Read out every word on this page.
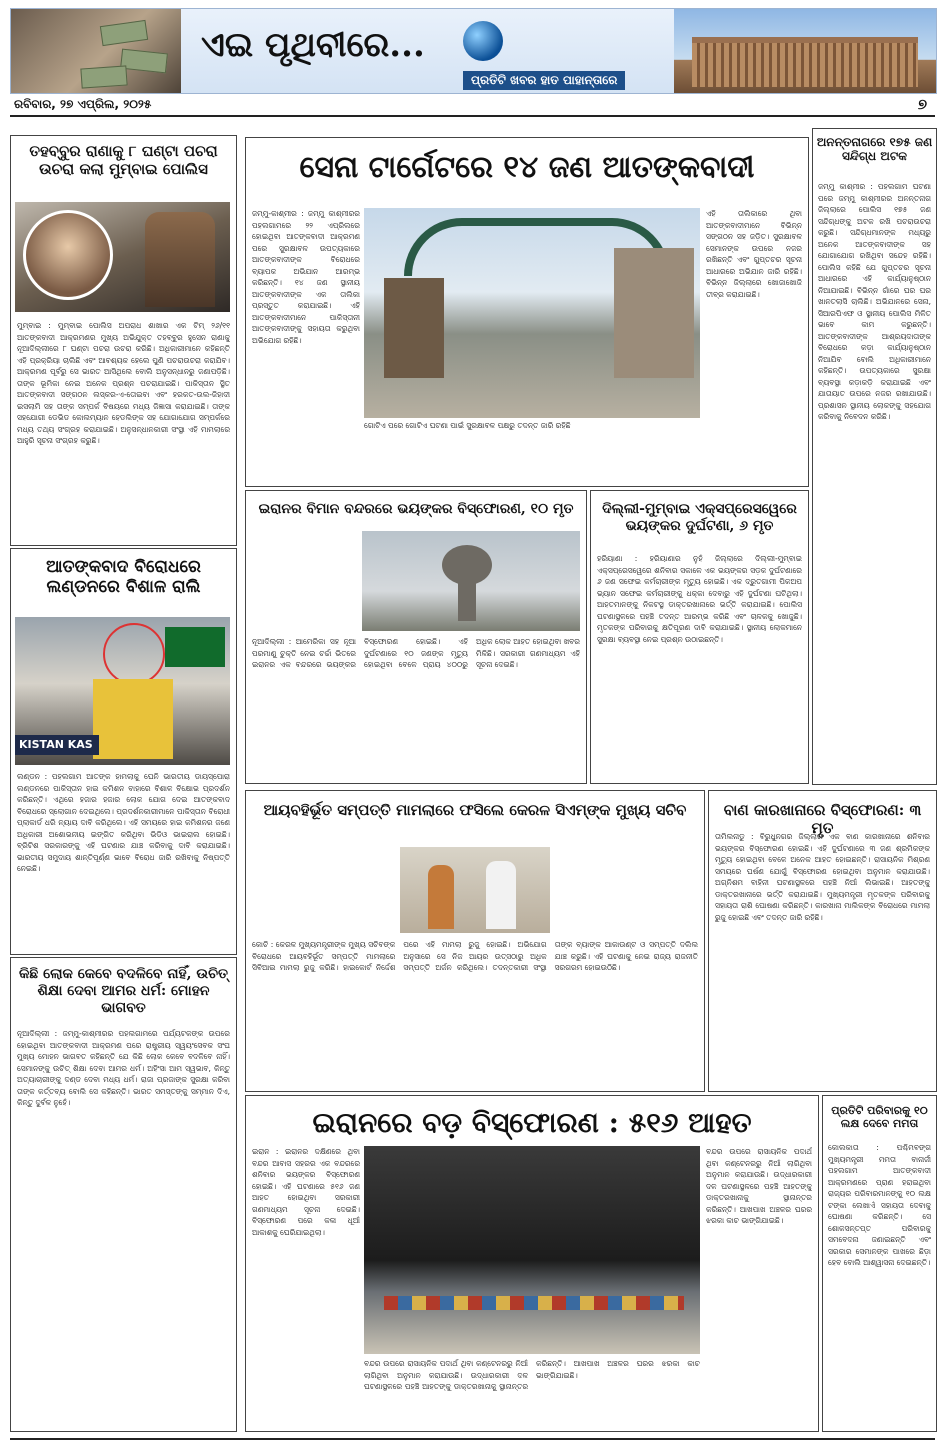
ଏଇ ପୃଥିବୀରେ...
ପ୍ରତିଟି ଖବର ହାତ ପାହାନ୍ତାରେ
ରବିବାର, ୨୭ ଏପ୍ରିଲ, ୨୦୨୫	୭
ତହବ୍ବୁର ରାଣାକୁ ୮ ଘଣ୍ଟା ପଚରା ଉଚରା କଲା ମୁମ୍ବାଇ ପୋଲିସ
ମୁମ୍ବାଇ : ମୁମ୍ବାଇ ପୋଲିସ ଅପରାଧ ଶାଖାର ଏକ ଟିମ୍ ୨୬/୧୧ ଆତଙ୍କବାଦୀ ଆକ୍ରମଣର ମୁଖ୍ୟ ଅଭିଯୁକ୍ତ ତହବ୍ବୁର ହୁସେନ ରାଣାକୁ ନୂଆଦିଲ୍ଲୀରେ ୮ ଘଣ୍ଟା ପଚରା ଉଚରା କରିଛି। ଅଧିକାରୀମାନେ କହିଛନ୍ତି ଏହି ପ୍ରକ୍ରିୟା ଚାଲିଛି ଏବଂ ଆବଶ୍ୟକ ହେଲେ ପୁଣି ପଚରାଉଚରା କରାଯିବ। ଆକ୍ରମଣ ପୂର୍ବରୁ ସେ ଭାରତ ଆସିଥିଲେ ବୋଲି ଅନୁସନ୍ଧାନରୁ ଜଣାପଡ଼ିଛି। ତାଙ୍କ ଭୂମିକା ନେଇ ଅନେକ ପ୍ରଶ୍ନ ପଚରାଯାଇଛି। ପାକିସ୍ତାନ ସ୍ଥିତ ଆତଙ୍କବାଦୀ ସଙ୍ଗଠନ ଲସ୍କର-ଏ-ତୋଇବା ଏବଂ ହରକତ-ଉଲ-ଜିହାଦୀ ଇସଲାମି ସହ ତାଙ୍କ ସମ୍ପର୍କ ବିଷୟରେ ମଧ୍ୟ ଜିଜ୍ଞାସା କରାଯାଇଛି। ତାଙ୍କ ସହଯୋଗୀ ଡେଭିଡ କୋଲମ୍ୟାନ ହେଡଲିଙ୍କ ସହ ଯୋଗାଯୋଗ ସମ୍ପର୍କରେ ମଧ୍ୟ ତଥ୍ୟ ସଂଗ୍ରହ କରାଯାଇଛି। ଅନୁସନ୍ଧାନକାରୀ ସଂସ୍ଥା ଏହି ମାମଲାରେ ଆହୁରି ସୂଚନା ସଂଗ୍ରହ କରୁଛି।
ଆତଙ୍କବାଦ ବିରୋଧରେ ଲଣ୍ଡନରେ ବିଶାଳ ରାଲି
KISTAN KAS
ଲଣ୍ଡନ : ପହଲଗାମ ଆତଙ୍କ ହାମଲାକୁ ଘେନି ଭାରତୀୟ ଡାୟସ୍ପୋରା ଲଣ୍ଡନରେ ପାକିସ୍ତାନ ହାଇ କମିଶନ ବାହାରେ ବିଶାଳ ବିକ୍ଷୋଭ ପ୍ରଦର୍ଶନ କରିଛନ୍ତି। ଏଥିରେ ହଜାର ହଜାର ଲୋକ ଯୋଗ ଦେଇ ଆତଙ୍କବାଦ ବିରୋଧରେ ସ୍ଲୋଗାନ ଦେଇଥିଲେ। ପ୍ରଦର୍ଶନକାରୀମାନେ ପାକିସ୍ତାନ ବିରୋଧୀ ପ୍ଲାକାର୍ଡ ଧରି ନ୍ୟାୟ ଦାବି କରିଥିଲେ। ଏହି ସମୟରେ ହାଇ କମିଶନର ଜଣେ ଅଧିକାରୀ ଅଶୋଭନୀୟ ଇଙ୍ଗିତ କରିଥିବା ଭିଡିଓ ଭାଇରାଲ ହୋଇଛି। ବ୍ରିଟିଶ ସରକାରଙ୍କୁ ଏହି ଘଟଣାର ଯାଞ୍ଚ କରିବାକୁ ଦାବି କରାଯାଇଛି। ଭାରତୀୟ ସମୁଦାୟ ଶାନ୍ତିପୂର୍ଣ୍ଣ ଭାବେ ବିରୋଧ ଜାରି ରଖିବାକୁ ନିଷ୍ପତ୍ତି ନେଇଛି।
କିଛି ଲୋକ କେବେ ବଦଳିବେ ନାହିଁ, ଉଚିତ୍ ଶିକ୍ଷା ଦେବା ଆମର ଧର୍ମ: ମୋହନ ଭାଗବତ
ନୂଆଦିଲ୍ଲୀ : ଜମ୍ମୁ-କାଶ୍ମୀରର ପହଲଗାମରେ ପର୍ଯ୍ୟଟକଙ୍କ ଉପରେ ହୋଇଥିବା ଆତଙ୍କବାଦୀ ଆକ୍ରମଣ ପରେ ରାଷ୍ଟ୍ରୀୟ ସ୍ୱୟଂସେବକ ସଂଘ ମୁଖ୍ୟ ମୋହନ ଭାଗବତ କହିଛନ୍ତି ଯେ କିଛି ଲୋକ କେବେ ବଦଳିବେ ନାହିଁ। ସେମାନଙ୍କୁ ଉଚିତ୍ ଶିକ୍ଷା ଦେବା ଆମର ଧର୍ମ। ଅହିଂସା ଆମ ସ୍ୱଭାବ, କିନ୍ତୁ ଅତ୍ୟାଚାରୀଙ୍କୁ ଦଣ୍ଡ ଦେବା ମଧ୍ୟ ଧର୍ମ। ରାଜା ପ୍ରଜାଙ୍କ ସୁରକ୍ଷା କରିବା ତାଙ୍କ କର୍ତ୍ତବ୍ୟ ବୋଲି ସେ କହିଛନ୍ତି। ଭାରତ ସମସ୍ତଙ୍କୁ ସମ୍ମାନ ଦିଏ, କିନ୍ତୁ ଦୁର୍ବଳ ନୁହେଁ।
ସେନା ଟାର୍ଗେଟରେ ୧୪ ଜଣ ଆତଙ୍କବାଦୀ
ଜମ୍ମୁ-କାଶ୍ମୀର : ଜମ୍ମୁ କାଶ୍ମୀରର ପହଲଗାମରେ ୨୨ ଏପ୍ରିଲରେ ହୋଇଥିବା ଆତଙ୍କବାଦୀ ଆକ୍ରମଣ ପରେ ସୁରକ୍ଷାବଳ ଉପତ୍ୟକାରେ ଆତଙ୍କବାଦୀଙ୍କ ବିରୋଧରେ ବ୍ୟାପକ ଅଭିଯାନ ଆରମ୍ଭ କରିଛନ୍ତି। ୧୪ ଜଣ ସ୍ଥାନୀୟ ଆତଙ୍କବାଦୀଙ୍କ ଏକ ତାଲିକା ପ୍ରସ୍ତୁତ କରାଯାଇଛି। ଏହି ଆତଙ୍କବାଦୀମାନେ ପାକିସ୍ତାନୀ ଆତଙ୍କବାଦୀଙ୍କୁ ସହାୟତା କରୁଥିବା ଅଭିଯୋଗ ରହିଛି।
ଗୋଟିଏ ପରେ ଗୋଟିଏ ଘଟଣା ପାଇଁ ସୁରକ୍ଷାବଳ ପକ୍ଷରୁ ତଦନ୍ତ ଜାରି ରହିଛି
ଏହି ତାଲିକାରେ ଥିବା ଆତଙ୍କବାଦୀମାନେ ବିଭିନ୍ନ ସଙ୍ଗଠନ ସହ ଜଡ଼ିତ। ସୁରକ୍ଷାବଳ ସେମାନଙ୍କ ଉପରେ ନଜର ରଖିଛନ୍ତି ଏବଂ ଗୁପ୍ତଚର ସୂଚନା ଆଧାରରେ ଅଭିଯାନ ଜାରି ରହିଛି। ବିଭିନ୍ନ ଜିଲ୍ଲାରେ ଖୋଜାଖୋଜି ତୀବ୍ର କରାଯାଇଛି।
ଇରାନର ବିମାନ ବନ୍ଦରରେ ଭୟଙ୍କର ବିସ୍ଫୋରଣ, ୧୦ ମୃତ
ନୂଆଦିଲ୍ଲୀ : ଆମେରିକା ସହ ନୂଆ ପରମାଣୁ ଚୁକ୍ତି ନେଇ ଚର୍ଚ୍ଚା ଭିତରେ ଇରାନର ଏକ ବନ୍ଦରରେ ଭୟଙ୍କର ବିସ୍ଫୋରଣ ହୋଇଛି। ଏହି ଦୁର୍ଘଟଣାରେ ୧୦ ଜଣଙ୍କ ମୃତ୍ୟୁ ହୋଇଥିବା ବେଳେ ପ୍ରାୟ ୪୦୦ରୁ ଅଧିକ ଲୋକ ଆହତ ହୋଇଥିବା ଖବର ମିଳିଛି। ସରକାରୀ ଗଣମାଧ୍ୟମ ଏହି ସୂଚନା ଦେଇଛି।
ଦିଲ୍ଲୀ-ମୁମ୍ବାଇ ଏକ୍ସପ୍ରେସୱେରେ ଭୟଙ୍କର ଦୁର୍ଘଟଣା, ୬ ମୃତ
ହରିୟାଣା : ହରିୟାଣାର ନୁହଁ ଜିଲ୍ଲାରେ ଦିଲ୍ଲୀ-ମୁମ୍ବାଇ ଏକ୍ସପ୍ରେସୱେରେ ଶନିବାର ସକାଳେ ଏକ ଭୟଙ୍କର ସଡ଼କ ଦୁର୍ଘଟଣାରେ ୬ ଜଣ ସଫେଇ କର୍ମଚାରୀଙ୍କ ମୃତ୍ୟୁ ହୋଇଛି। ଏକ ଦ୍ରୁତଗାମୀ ପିକଅପ ଭ୍ୟାନ ସଫେଇ କର୍ମଚାରୀଙ୍କୁ ଧକ୍କା ଦେବାରୁ ଏହି ଦୁର୍ଘଟଣା ଘଟିଥିଲା। ଆହତମାନଙ୍କୁ ନିକଟସ୍ଥ ଡାକ୍ତରଖାନାରେ ଭର୍ତ୍ତି କରାଯାଇଛି। ପୋଲିସ ଘଟଣାସ୍ଥଳରେ ପହଞ୍ଚି ତଦନ୍ତ ଆରମ୍ଭ କରିଛି ଏବଂ ଚାଳକକୁ ଖୋଜୁଛି। ମୃତକଙ୍କ ପରିବାରକୁ କ୍ଷତିପୂରଣ ଦାବି କରାଯାଇଛି। ସ୍ଥାନୀୟ ଲୋକମାନେ ସୁରକ୍ଷା ବ୍ୟବସ୍ଥା ନେଇ ପ୍ରଶ୍ନ ଉଠାଇଛନ୍ତି।
ଆୟବହିର୍ଭୂତ ସମ୍ପତ୍ତି ମାମଲାରେ ଫସିଲେ କେରଳ ସିଏମ୍‌ଙ୍କ ମୁଖ୍ୟ ସଚିବ
କୋଚି : କେରଳ ମୁଖ୍ୟମନ୍ତ୍ରୀଙ୍କ ମୁଖ୍ୟ ସଚିବଙ୍କ ବିରୋଧରେ ଆୟବହିର୍ଭୂତ ସମ୍ପତ୍ତି ମାମଲାରେ ସିବିଆଇ ମାମଲା ରୁଜୁ କରିଛି। ହାଇକୋର୍ଟ ନିର୍ଦ୍ଦେଶ ପରେ ଏହି ମାମଲା ରୁଜୁ ହୋଇଛି। ଅଭିଯୋଗ ଅନୁସାରେ ସେ ନିଜ ଆୟର ଉତ୍ସଠାରୁ ଅଧିକ ସମ୍ପତ୍ତି ଅର୍ଜନ କରିଥିଲେ। ତଦନ୍ତକାରୀ ସଂସ୍ଥା ତାଙ୍କ ବ୍ୟାଙ୍କ ଆକାଉଣ୍ଟ ଓ ସମ୍ପତ୍ତି ଦଲିଲ ଯାଞ୍ଚ କରୁଛି। ଏହି ଘଟଣାକୁ ନେଇ ରାଜ୍ୟ ରାଜନୀତି ସରଗରମ ହୋଇଉଠିଛି।
ବାଣ କାରଖାନାରେ ବିସ୍ଫୋରଣ: ୩ ମୃତ
ତାମିଲନାଡୁ : ବିରୁଧୁନଗର ଜିଲ୍ଲାର ଏକ ବାଣ କାରଖାନାରେ ଶନିବାର ଭୟଙ୍କର ବିସ୍ଫୋରଣ ହୋଇଛି। ଏହି ଦୁର୍ଘଟଣାରେ ୩ ଜଣ ଶ୍ରମିକଙ୍କ ମୃତ୍ୟୁ ହୋଇଥିବା ବେଳେ ଅନେକ ଆହତ ହୋଇଛନ୍ତି। ରାସାୟନିକ ମିଶ୍ରଣ ସମୟରେ ଘର୍ଷଣ ଯୋଗୁଁ ବିସ୍ଫୋରଣ ହୋଇଥିବା ଅନୁମାନ କରାଯାଉଛି। ଅଗ୍ନିଶମ ବାହିନୀ ଘଟଣାସ୍ଥଳରେ ପହଞ୍ଚି ନିଆଁ ଲିଭାଇଛି। ଆହତଙ୍କୁ ଡାକ୍ତରଖାନାରେ ଭର୍ତ୍ତି କରାଯାଇଛି। ମୁଖ୍ୟମନ୍ତ୍ରୀ ମୃତକଙ୍କ ପରିବାରକୁ ସହାୟତା ରାଶି ଘୋଷଣା କରିଛନ୍ତି। କାରଖାନା ମାଲିକଙ୍କ ବିରୋଧରେ ମାମଲା ରୁଜୁ ହୋଇଛି ଏବଂ ତଦନ୍ତ ଜାରି ରହିଛି।
ଇରାନରେ ବଡ଼ ବିସ୍ଫୋରଣ : ୫୧୬ ଆହତ
ଇରାନ : ଇରାନର ଦକ୍ଷିଣରେ ଥିବା ବନ୍ଦର ଆବାସ ସହରର ଏକ ବନ୍ଦରରେ ଶନିବାର ଭୟଙ୍କର ବିସ୍ଫୋରଣ ହୋଇଛି। ଏହି ଘଟଣାରେ ୫୧୬ ଜଣ ଆହତ ହୋଇଥିବା ସରକାରୀ ଗଣମାଧ୍ୟମ ସୂଚନା ଦେଇଛି। ବିସ୍ଫୋରଣ ପରେ କଳା ଧୂଆଁ ଆକାଶକୁ ଘେରିଯାଇଥିଲା।
ବନ୍ଦର ଉପରେ ରାସାୟନିକ ପଦାର୍ଥ ଥିବା କଣ୍ଟେନରରୁ ନିଆଁ ଲାଗିଥିବା ଅନୁମାନ କରାଯାଉଛି। ଉଦ୍ଧାରକାରୀ ଦଳ ଘଟଣାସ୍ଥଳରେ ପହଞ୍ଚି ଆହତଙ୍କୁ ଡାକ୍ତରଖାନାକୁ ସ୍ଥାନାନ୍ତର କରିଛନ୍ତି। ଆଖପାଖ ଅଞ୍ଚଳର ଘରର ଝରକା କାଚ ଭାଙ୍ଗିଯାଇଛି।
ବନ୍ଦର ଉପରେ ରାସାୟନିକ ପଦାର୍ଥ ଥିବା କଣ୍ଟେନରରୁ ନିଆଁ ଲାଗିଥିବା ଅନୁମାନ କରାଯାଉଛି। ଉଦ୍ଧାରକାରୀ ଦଳ ଘଟଣାସ୍ଥଳରେ ପହଞ୍ଚି ଆହତଙ୍କୁ ଡାକ୍ତରଖାନାକୁ ସ୍ଥାନାନ୍ତର କରିଛନ୍ତି। ଆଖପାଖ ଅଞ୍ଚଳର ଘରର ଝରକା କାଚ ଭାଙ୍ଗିଯାଇଛି।
ଅନନ୍ତନାଗରେ ୧୭୫ ଜଣ ସନ୍ଦିଗ୍ଧ ଅଟକ
ଜମ୍ମୁ କାଶ୍ମୀର : ପହଲଗାମ ଘଟଣା ପରେ ଜମ୍ମୁ କାଶ୍ମୀରର ଅନନ୍ତନାଗ ଜିଲ୍ଲାରେ ପୋଲିସ ୧୭୫ ଜଣ ସନ୍ଦିଗ୍ଧଙ୍କୁ ଅଟକ ରଖି ପଚରାଉଚରା କରୁଛି। ସନ୍ଦିଗ୍ଧମାନଙ୍କ ମଧ୍ୟରୁ ଅନେକ ଆତଙ୍କବାଦୀଙ୍କ ସହ ଯୋଗାଯୋଗ ରଖିଥିବା ସନ୍ଦେହ ରହିଛି। ପୋଲିସ କହିଛି ଯେ ଗୁପ୍ତଚର ସୂଚନା ଆଧାରରେ ଏହି କାର୍ଯ୍ୟାନୁଷ୍ଠାନ ନିଆଯାଇଛି। ବିଭିନ୍ନ ଗାଁରେ ଘର ଘର ଖାନତଲାସି ଚାଲିଛି। ଅଭିଯାନରେ ସେନା, ସିଆରପିଏଫ ଓ ସ୍ଥାନୀୟ ପୋଲିସ ମିଳିତ ଭାବେ କାମ କରୁଛନ୍ତି। ଆତଙ୍କବାଦୀଙ୍କ ଆଶ୍ରୟଦାତାଙ୍କ ବିରୋଧରେ କଡ଼ା କାର୍ଯ୍ୟାନୁଷ୍ଠାନ ନିଆଯିବ ବୋଲି ଅଧିକାରୀମାନେ କହିଛନ୍ତି। ଉପତ୍ୟକାରେ ସୁରକ୍ଷା ବ୍ୟବସ୍ଥା କଡ଼ାକଡ଼ି କରାଯାଇଛି ଏବଂ ଯାତାୟାତ ଉପରେ ନଜର ରଖାଯାଉଛି। ପ୍ରଶାସନ ସ୍ଥାନୀୟ ଲୋକଙ୍କୁ ସହଯୋଗ କରିବାକୁ ନିବେଦନ କରିଛି।
ପ୍ରତିଟି ପରିବାରକୁ ୧୦ ଲକ୍ଷ ଦେବେ ମମତା
କୋଲକାତା : ପଶ୍ଚିମବଙ୍ଗ ମୁଖ୍ୟମନ୍ତ୍ରୀ ମମତା ବାନାର୍ଜୀ ପହଲଗାମ ଆତଙ୍କବାଦୀ ଆକ୍ରମଣରେ ପ୍ରାଣ ହରାଇଥିବା ରାଜ୍ୟର ପରିବାରମାନଙ୍କୁ ୧୦ ଲକ୍ଷ ଟଙ୍କା ଲେଖାଏଁ ସହାୟତା ଦେବାକୁ ଘୋଷଣା କରିଛନ୍ତି। ସେ ଶୋକସନ୍ତପ୍ତ ପରିବାରକୁ ସମବେଦନା ଜଣାଇଛନ୍ତି ଏବଂ ସରକାର ସେମାନଙ୍କ ପାଖରେ ଛିଡ଼ା ହେବ ବୋଲି ଆଶ୍ୱାସନା ଦେଇଛନ୍ତି।
